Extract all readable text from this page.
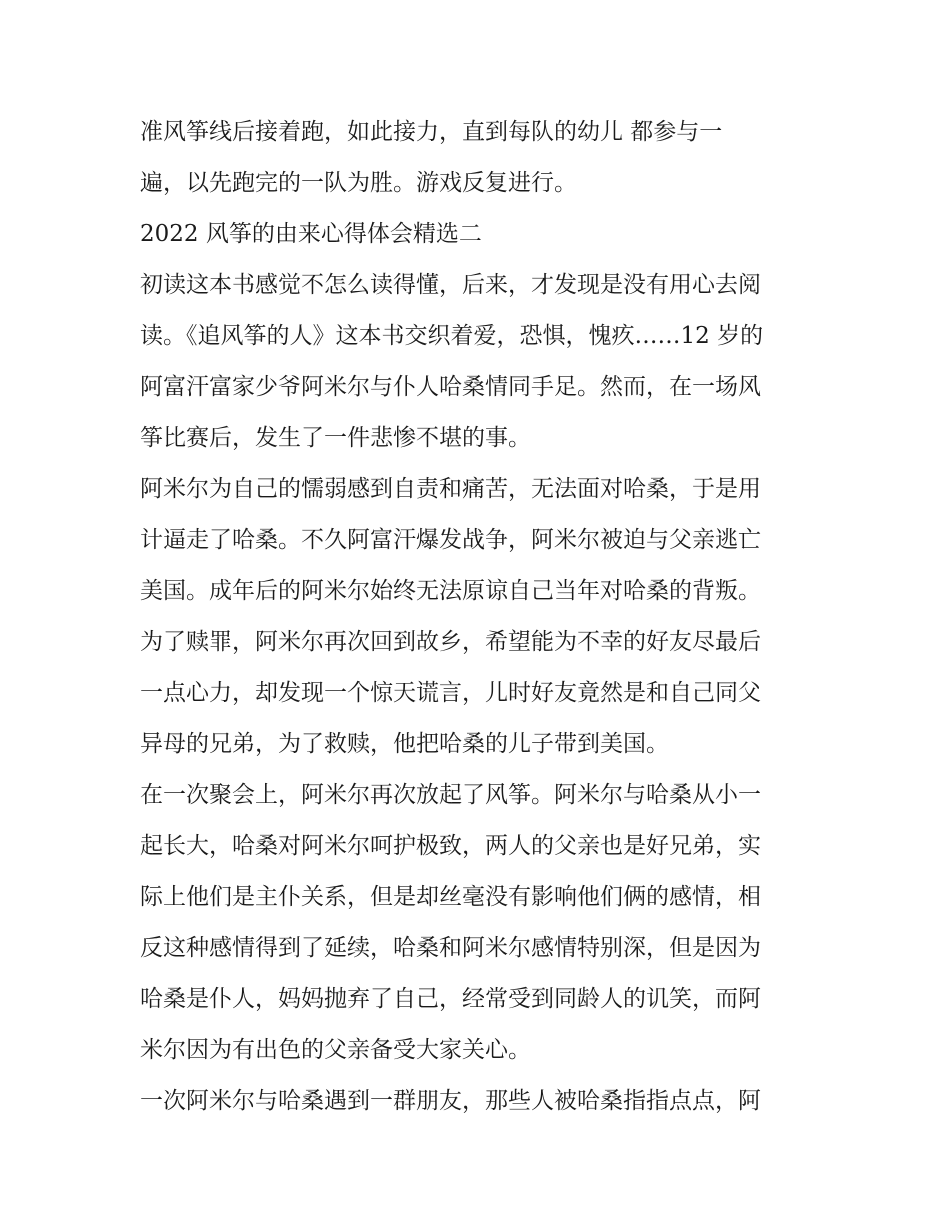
准风筝线后接着跑，如此接力，直到每队的幼儿 都参与一
遍，以先跑完的一队为胜。游戏反复进行。
2022 风筝的由来心得体会精选二
初读这本书感觉不怎么读得懂，后来，才发现是没有用心去阅
读。《追风筝的人》这本书交织着爱，恐惧，愧疚……12 岁的
阿富汗富家少爷阿米尔与仆人哈桑情同手足。然而，在一场风
筝比赛后，发生了一件悲惨不堪的事。
阿米尔为自己的懦弱感到自责和痛苦，无法面对哈桑，于是用
计逼走了哈桑。不久阿富汗爆发战争，阿米尔被迫与父亲逃亡
美国。成年后的阿米尔始终无法原谅自己当年对哈桑的背叛。
为了赎罪，阿米尔再次回到故乡，希望能为不幸的好友尽最后
一点心力，却发现一个惊天谎言，儿时好友竟然是和自己同父
异母的兄弟，为了救赎，他把哈桑的儿子带到美国。
在一次聚会上，阿米尔再次放起了风筝。阿米尔与哈桑从小一
起长大，哈桑对阿米尔呵护极致，两人的父亲也是好兄弟，实
际上他们是主仆关系，但是却丝毫没有影响他们俩的感情，相
反这种感情得到了延续，哈桑和阿米尔感情特别深，但是因为
哈桑是仆人，妈妈抛弃了自己，经常受到同龄人的讥笑，而阿
米尔因为有出色的父亲备受大家关心。
一次阿米尔与哈桑遇到一群朋友，那些人被哈桑指指点点，阿
